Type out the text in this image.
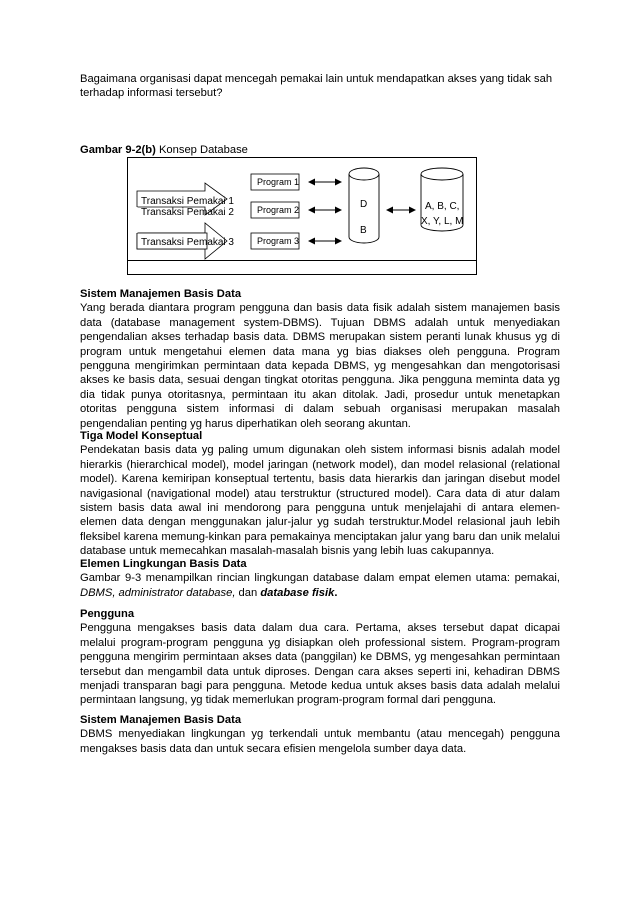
Bagaimana organisasi dapat mencegah pemakai lain untuk mendapatkan akses yang tidak sah terhadap informasi tersebut?

Gambar 9-2(b) Konsep Database
Transaksi Pemakai 1
Transaksi Pemakai 2
Transaksi Pemakai 3
Program 1
Program 2
Program 3
D
B
A, B, C,
X, Y, L, M

Sistem Manajemen Basis Data

Yang berada diantara program pengguna dan basis data fisik adalah sistem manajemen basis data (database management system-DBMS). Tujuan DBMS adalah untuk menyediakan pengendalian akses terhadap basis data. DBMS merupakan sistem peranti lunak khusus yg di program untuk mengetahui elemen data mana yg bias diakses oleh pengguna. Program pengguna mengirimkan permintaan data kepada DBMS, yg mengesahkan dan mengotorisasi akses ke basis data, sesuai dengan tingkat otoritas pengguna. Jika pengguna meminta data yg dia tidak punya otoritasnya, permintaan itu akan ditolak. Jadi, prosedur untuk menetapkan otoritas pengguna sistem informasi di dalam sebuah organisasi merupakan masalah pengendalian penting yg harus diperhatikan oleh seorang akuntan.

Tiga Model Konseptual

Pendekatan basis data yg paling umum digunakan oleh sistem informasi bisnis adalah model hierarkis (hierarchical model), model jaringan (network model), dan model relasional (relational model). Karena kemiripan konseptual tertentu, basis data hierarkis dan jaringan disebut model navigasional (navigational model) atau terstruktur (structured model). Cara data di atur dalam sistem basis data awal ini mendorong para pengguna untuk menjelajahi di antara elemen-elemen data dengan menggunakan jalur-jalur yg sudah terstruktur.Model relasional jauh lebih fleksibel karena memung-kinkan para pemakainya menciptakan jalur yang baru dan unik melalui database untuk memecahkan masalah-masalah bisnis yang lebih luas cakupannya.

Elemen Lingkungan Basis Data

Gambar 9-3 menampilkan rincian lingkungan database dalam empat elemen utama: pemakai, DBMS, administrator database, dan database fisik.

Pengguna

Pengguna mengakses basis data dalam dua cara. Pertama, akses tersebut dapat dicapai melalui program-program pengguna yg disiapkan oleh professional sistem. Program-program pengguna mengirim permintaan akses data (panggilan) ke DBMS, yg mengesahkan permintaan tersebut dan mengambil data untuk diproses. Dengan cara akses seperti ini, kehadiran DBMS menjadi transparan bagi para pengguna. Metode kedua untuk akses basis data adalah melalui permintaan langsung, yg tidak memerlukan program-program formal dari pengguna.

Sistem Manajemen Basis Data

DBMS menyediakan lingkungan yg terkendali untuk membantu (atau mencegah) pengguna mengakses basis data dan untuk secara efisien mengelola sumber daya data.
